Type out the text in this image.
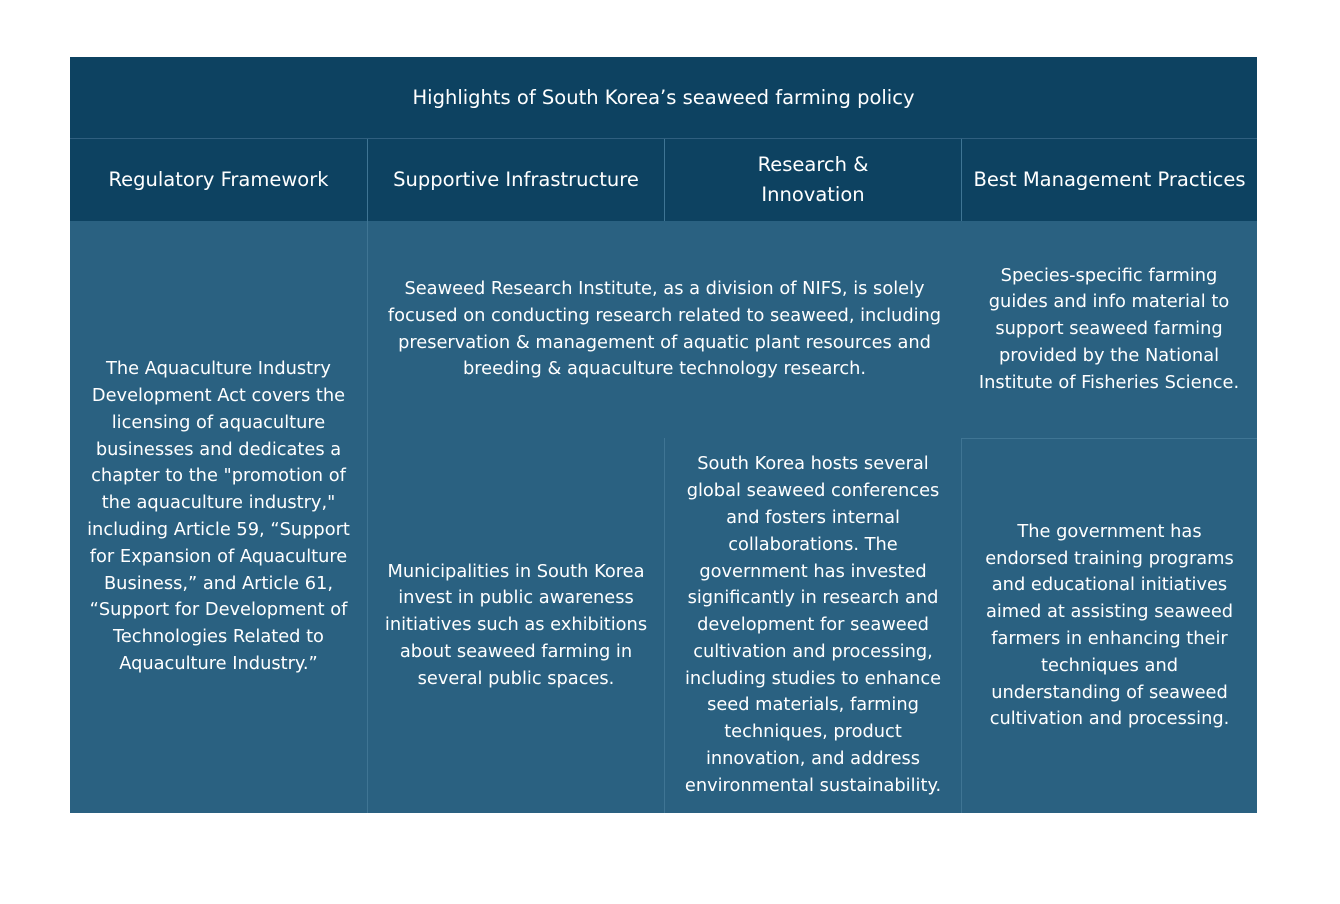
Highlights of South Korea’s seaweed farming policy
Regulatory Framework	Supportive Infrastructure
Research & Innovation
Best Management Practices
The Aquaculture Industry Development Act covers the licensing of aquaculture businesses and dedicates a chapter to the "promotion of the aquaculture industry," including Article 59, “Support for Expansion of Aquaculture Business,” and Article 61, “Support for Development of Technologies Related to Aquaculture Industry.”
Seaweed Research Institute, as a division of NIFS, is solely focused on conducting research related to seaweed, including preservation & management of aquatic plant resources and breeding & aquaculture technology research.
Species-specific farming guides and info material to support seaweed farming provided by the National Institute of Fisheries Science.
Municipalities in South Korea invest in public awareness initiatives such as exhibitions about seaweed farming in several public spaces.
South Korea hosts several global seaweed conferences and fosters internal collaborations. The government has invested significantly in research and development for seaweed cultivation and processing, including studies to enhance seed materials, farming techniques, product innovation, and address environmental sustainability.
The government has endorsed training programs and educational initiatives aimed at assisting seaweed farmers in enhancing their techniques and understanding of seaweed cultivation and processing.
